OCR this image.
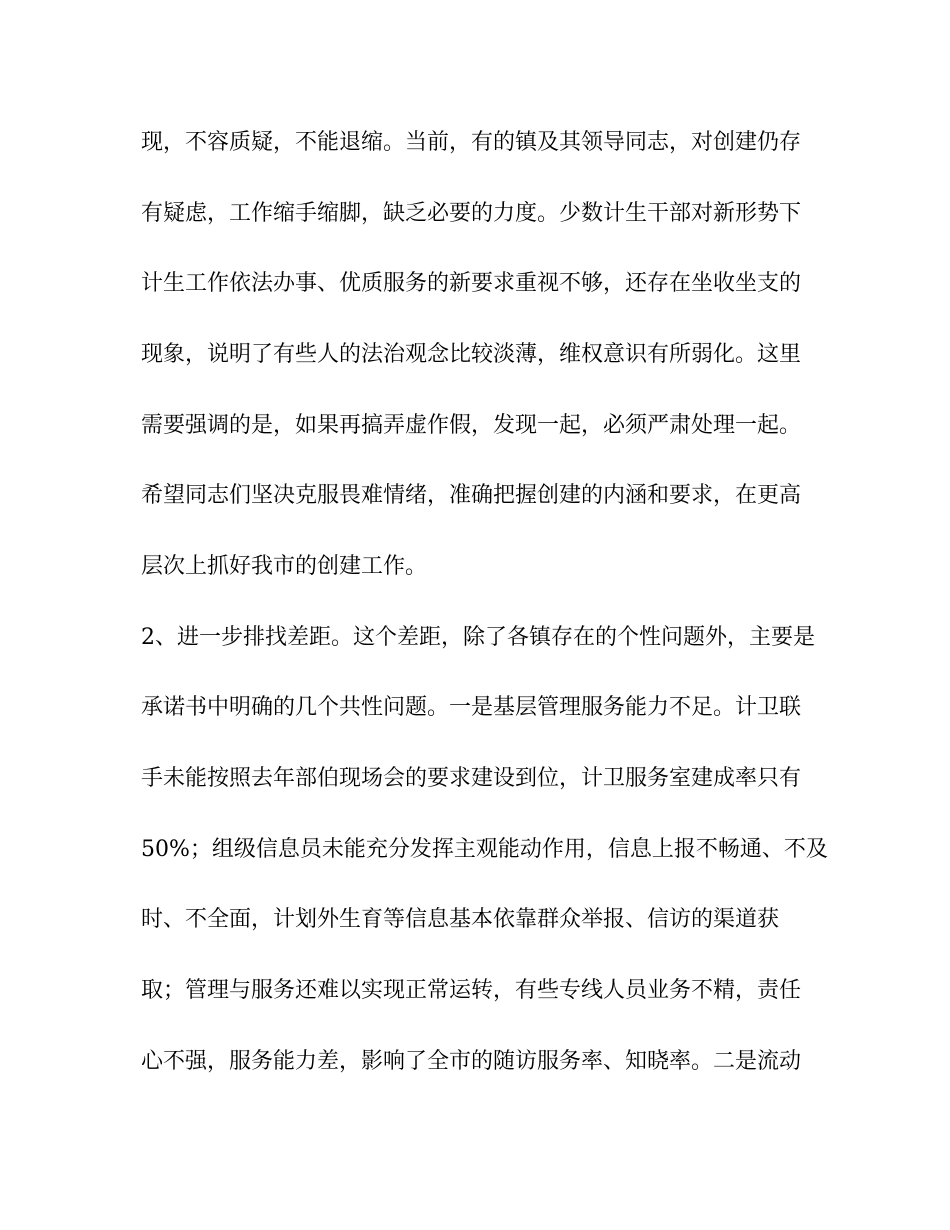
现，不容质疑，不能退缩。当前，有的镇及其领导同志，对创建仍存
有疑虑，工作缩手缩脚，缺乏必要的力度。少数计生干部对新形势下
计生工作依法办事、优质服务的新要求重视不够，还存在坐收坐支的
现象，说明了有些人的法治观念比较淡薄，维权意识有所弱化。这里
需要强调的是，如果再搞弄虚作假，发现一起，必须严肃处理一起。
希望同志们坚决克服畏难情绪，准确把握创建的内涵和要求，在更高
层次上抓好我市的创建工作。
2、进一步排找差距。这个差距，除了各镇存在的个性问题外，主要是
承诺书中明确的几个共性问题。一是基层管理服务能力不足。计卫联
手未能按照去年部伯现场会的要求建设到位，计卫服务室建成率只有
50%；组级信息员未能充分发挥主观能动作用，信息上报不畅通、不及
时、不全面，计划外生育等信息基本依靠群众举报、信访的渠道获
取；管理与服务还难以实现正常运转，有些专线人员业务不精，责任
心不强，服务能力差，影响了全市的随访服务率、知晓率。二是流动
